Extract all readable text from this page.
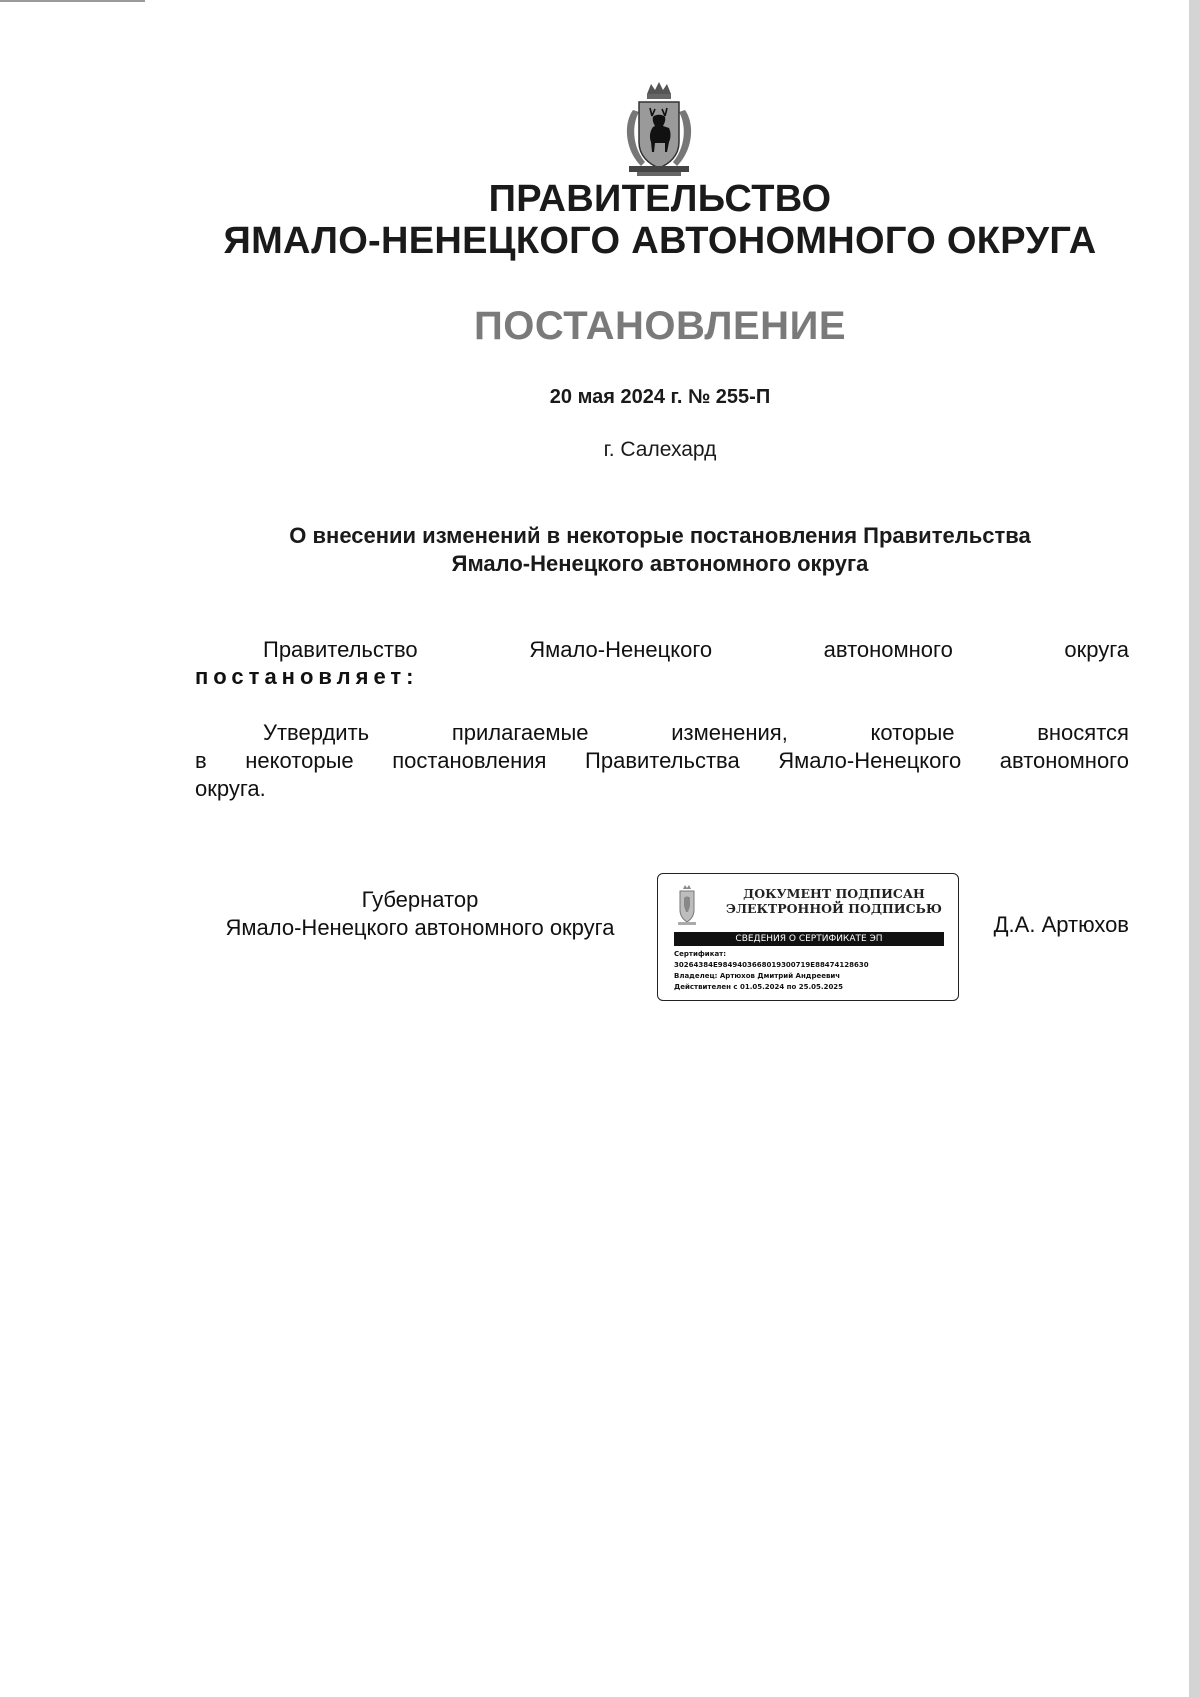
ПРАВИТЕЛЬСТВО
ЯМАЛО-НЕНЕЦКОГО АВТОНОМНОГО ОКРУГА
ПОСТАНОВЛЕНИЕ
20 мая 2024 г. № 255-П
г. Салехард
О внесении изменений в некоторые постановления Правительства
Ямало-Ненецкого автономного округа
Правительство	Ямало-Ненецкого	автономного	округа
постановляет:
Утвердить	прилагаемые	изменения,	которые	вносятся
в некоторые постановления Правительства Ямало-Ненецкого автономного
округа.
Губернатор
Ямало-Ненецкого автономного округа
ДОКУМЕНТ ПОДПИСАН
ЭЛЕКТРОННОЙ ПОДПИСЬЮ
СВЕДЕНИЯ О СЕРТИФИКАТЕ ЭП
Сертификат:
30264384E9849403668019300719E88474128630
Владелец: Артюхов Дмитрий Андреевич
Действителен с 01.05.2024 по 25.05.2025
Д.А. Артюхов
